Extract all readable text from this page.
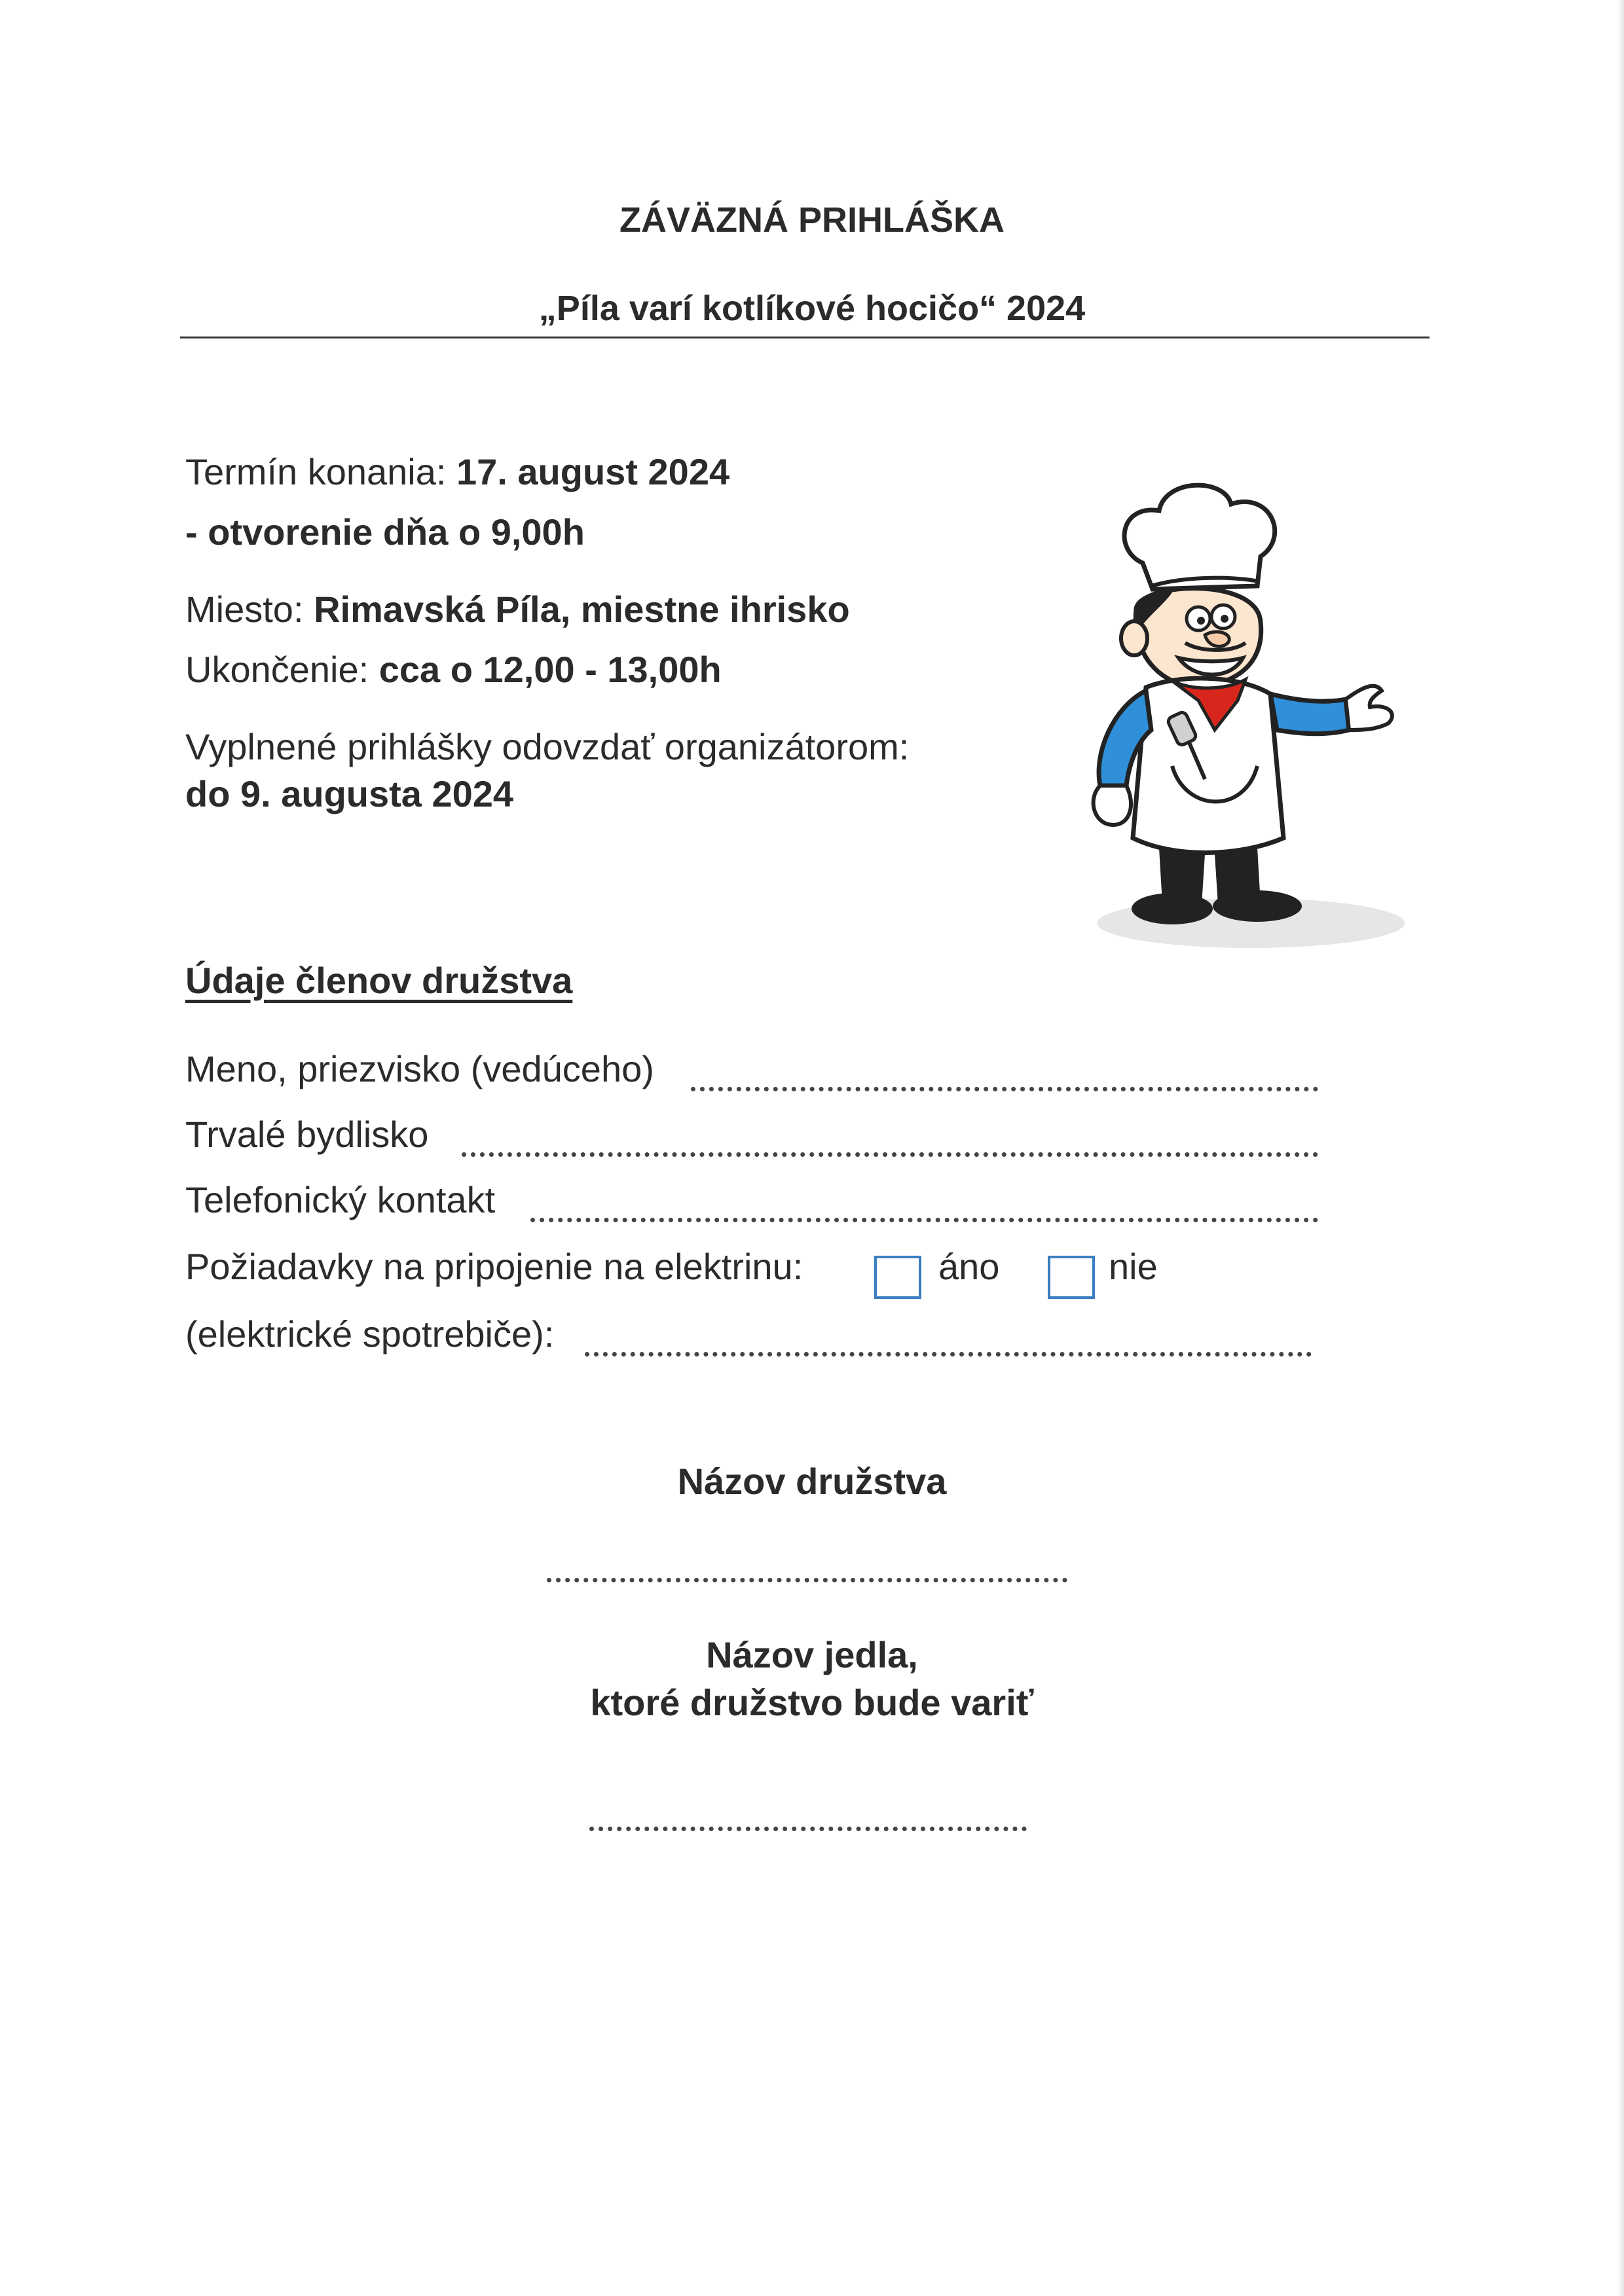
ZÁVÄZNÁ PRIHLÁŠKA
„Píla varí kotlíkové hocičo“ 2024
Termín konania: 17. august 2024
- otvorenie dňa o 9,00h
Miesto: Rimavská Píla, miestne ihrisko
Ukončenie: cca o 12,00 - 13,00h
Vyplnené prihlášky odovzdať organizátorom:
do 9. augusta 2024
Údaje členov družstva
Meno, priezvisko (vedúceho)
Trvalé bydlisko
Telefonický kontakt
Požiadavky na pripojenie na elektrinu:	áno	nie
(elektrické spotrebiče):
Názov družstva
Názov jedla,
ktoré družstvo bude variť
